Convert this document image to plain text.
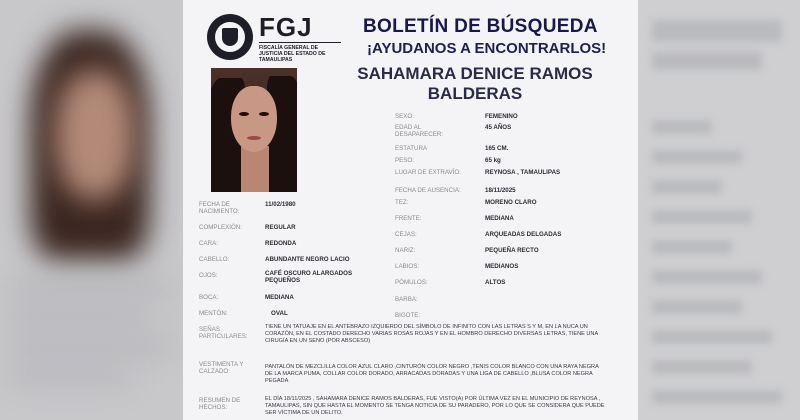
FGJ
FISCALÍA GENERAL DE JUSTICIA DEL ESTADO DE TAMAULIPAS
BOLETÍN DE BÚSQUEDA
¡AYUDANOS A ENCONTRARLOS!
SAHAMARA DENICE RAMOS
BALDERAS
SEXO:	FEMENINO
EDAD AL DESAPARECER:
45 AÑOS
ESTATURA	165 CM.
PESO:	65 kg
LUGAR DE EXTRAVÍO:	REYNOSA , TAMAULIPAS
FECHA DE AUSENCIA:	18/11/2025
TEZ:	MORENO CLARO
FRENTE:	MEDIANA
CEJAS:	ARQUEADAS DELGADAS
NARIZ:	PEQUEÑA RECTO
LABIOS:	MEDIANOS
PÓMULOS:	ALTOS
BARBA:
BIGOTE:
FECHA DE NACIMIENTO:
11/02/1980
COMPLEXIÓN:	REGULAR
CARA:	REDONDA
CABELLO:	ABUNDANTE NEGRO LACIO
OJOS:	CAFÉ OSCURO ALARGADOS PEQUEÑOS
BOCA:	MEDIANA
MENTÓN:	OVAL
SEÑAS PARTICULARES:
TIENE UN TATUAJE EN EL ANTEBRAZO IZQUIERDO DEL SÍMBOLO DE INFINITO CON LAS LETRAS S Y M, EN LA NUCA UN CORAZÓN, EN EL COSTADO DERECHO VARIAS ROSAS ROJAS Y EN EL HOMBRO DERECHO DIVERSAS LETRAS, TIENE UNA CIRUGÍA EN UN SENO (POR ABSCESO)
VESTIMENTA Y CALZADO:
PANTALÓN DE MEZCLILLA COLOR AZUL CLARO ,CINTURÓN COLOR NEGRO ,TENIS COLOR BLANCO CON UNA RAYA NEGRA DE LA MARCA PUMA, COLLAR COLOR DORADO, ARRACADAS DORADAS Y UNA LIGA DE CABELLO ,BLUSA COLOR NEGRA PEGADA
RESUMEN DE HECHOS:
EL DÍA 18/11/2025 , SAHAMARA DENICE RAMOS BALDERAS, FUE VISTO(A) POR ÚLTIMA VEZ EN EL MUNICIPIO DE REYNOSA , TAMAULIPAS, SIN QUE HASTA EL MOMENTO SE TENGA NOTICIA DE SU PARADERO, POR LO QUE SE CONSIDERA QUE PUEDE SER VÍCTIMA DE UN DELITO.
